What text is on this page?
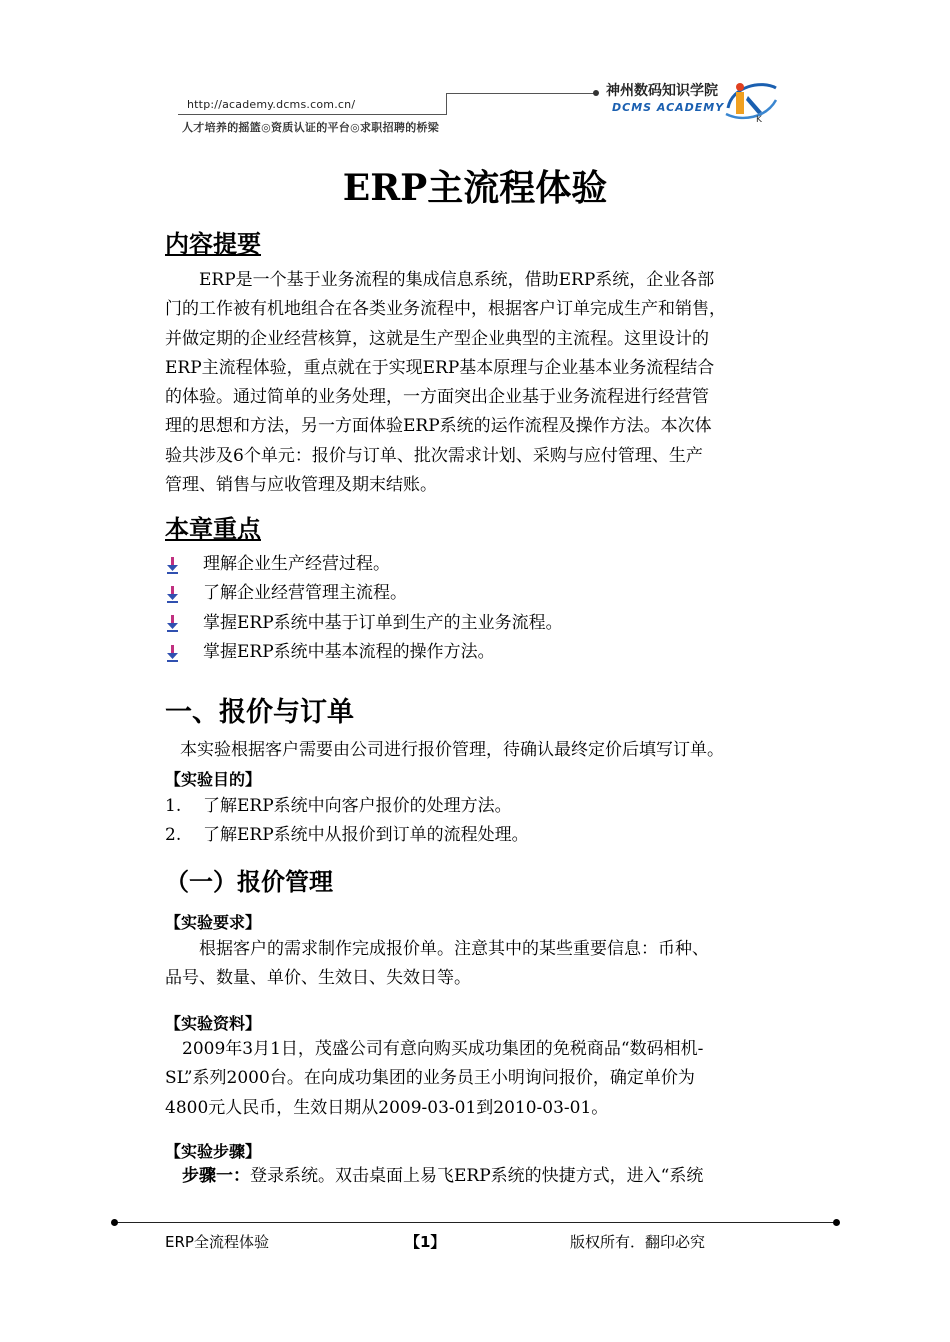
http://academy.dcms.com.cn/
人才培养的摇篮◎资质认证的平台◎求职招聘的桥梁
神州数码知识学院
DCMS ACADEMY
K
ERP主流程体验
内容提要
ERP是一个基于业务流程的集成信息系统，借助ERP系统，企业各部
门的工作被有机地组合在各类业务流程中，根据客户订单完成生产和销售，
并做定期的企业经营核算，这就是生产型企业典型的主流程。这里设计的
ERP主流程体验，重点就在于实现ERP基本原理与企业基本业务流程结合
的体验。通过简单的业务处理，一方面突出企业基于业务流程进行经营管
理的思想和方法，另一方面体验ERP系统的运作流程及操作方法。本次体
验共涉及6个单元：报价与订单、批次需求计划、采购与应付管理、生产
管理、销售与应收管理及期末结账。
本章重点
理解企业生产经营过程。
了解企业经营管理主流程。
掌握ERP系统中基于订单到生产的主业务流程。
掌握ERP系统中基本流程的操作方法。
一、报价与订单
本实验根据客户需要由公司进行报价管理，待确认最终定价后填写订单。
【实验目的】
1.	了解ERP系统中向客户报价的处理方法。
2.	了解ERP系统中从报价到订单的流程处理。
（一）报价管理
【实验要求】
根据客户的需求制作完成报价单。注意其中的某些重要信息：币种、
品号、数量、单价、生效日、失效日等。
【实验资料】
2009年3月1日，茂盛公司有意向购买成功集团的免税商品“数码相机-
SL”系列2000台。在向成功集团的业务员王小明询问报价，确定单价为
4800元人民币，生效日期从2009-03-01到2010-03-01。
【实验步骤】
步骤一：登录系统。双击桌面上易飞ERP系统的快捷方式，进入“系统
ERP全流程体验	【1】	版权所有．翻印必究
